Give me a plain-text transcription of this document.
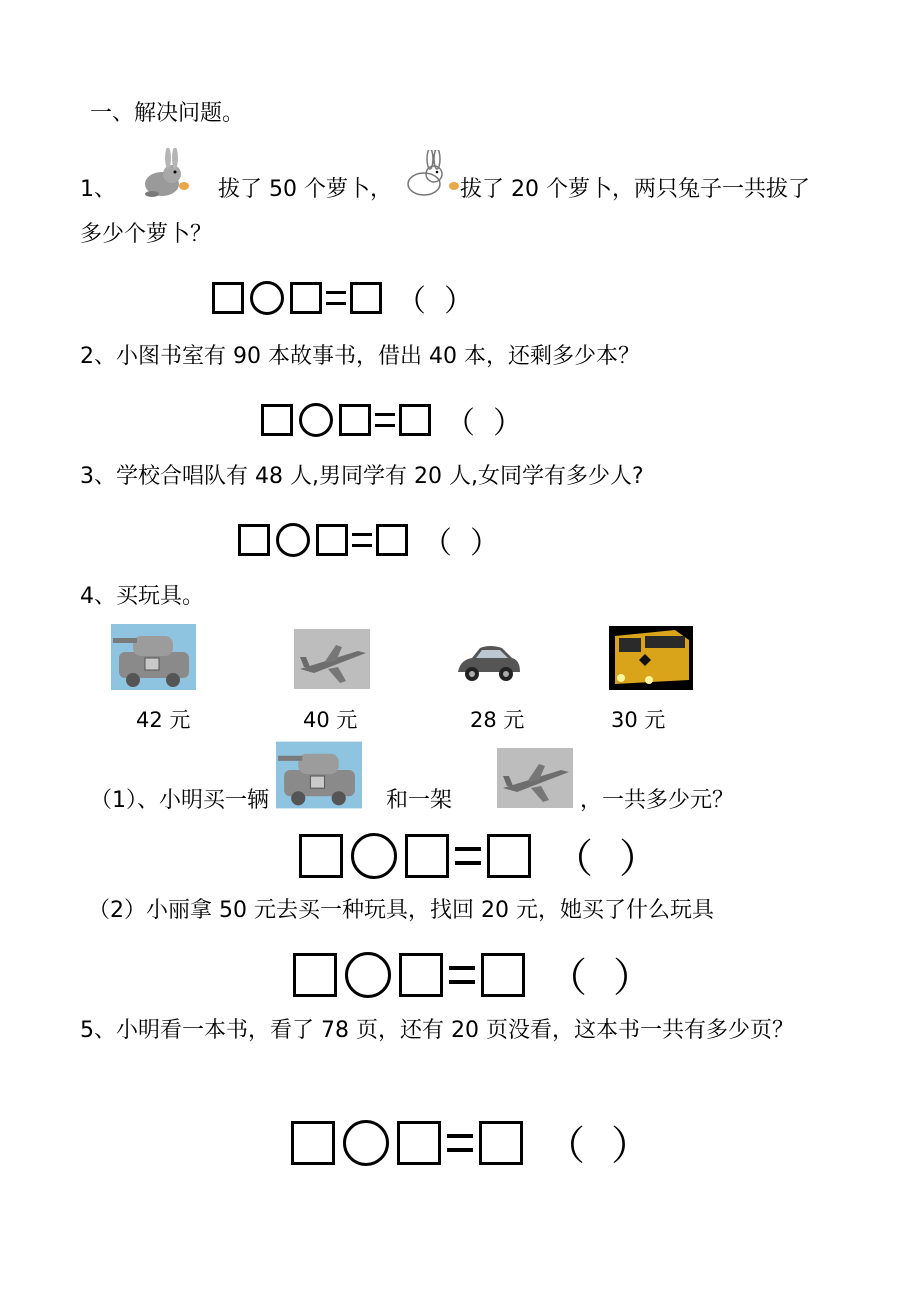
一、解决问题。
1、	拔了 50 个萝卜，	拔了 20 个萝卜，两只兔子一共拔了
多少个萝卜？
（ ）
2、小图书室有 90 本故事书，借出 40 本，还剩多少本？
（ ）
3、学校合唱队有 48 人,男同学有 20 人,女同学有多少人?
（ ）
4、买玩具。
42 元	40 元	28 元	30 元
（1）、小明买一辆	和一架	，一共多少元？
（ ）
（2）小丽拿 50 元去买一种玩具，找回 20 元，她买了什么玩具
（ ）
5、小明看一本书，看了 78 页，还有 20 页没看，这本书一共有多少页？
（ ）
